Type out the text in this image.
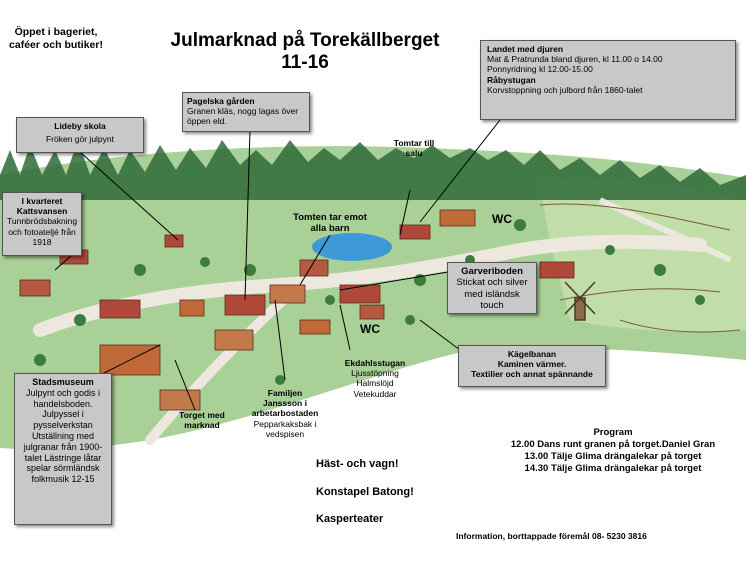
Öppet i bageriet, caféer och butiker!	Julmarknad på Torekällberget
11-16
Lideby skola
Fröken gör julpynt
Pagelska gården
Granen kläs, nogg lagas över öppen eld.
I kvarteret Kattsvansen
Tunnbrödsbakning och fotoateljé från 1918
Landet med djuren
Mat & Pratrunda bland djuren, kl 11.00 o 14.00
Ponnyridning kl 12.00-15.00
Råbystugan
Korvstoppning och julbord från 1860-talet
Garveriboden
Stickat och silver med isländsk touch
Kägelbanan
Kaminen värmer.
Textilier och annat spännande
Stadsmuseum
Julpynt och godis i handelsboden. Julpyssel i pysselverkstan Utställning med julgranar från 1900-talet Lästringe låtar spelar sörmländsk folkmusik 12-15
Tomtar till salu
Tomten tar emot alla barn
WC
WC
Ekdahlsstugan
Ljusstöpning Halmslöjd Vetekuddar
Familjen Janssson i arbetarbostaden
Pepparkaksbak i vedspisen
Torget med marknad
Program
12.00 Dans runt granen på torget.Daniel Gran
13.00 Tälje Glima drängalekar på torget
14.30 Tälje Glima drängalekar på torget
Häst- och vagn!
Konstapel Batong!
Kasperteater
Information, borttappade föremål 08- 5230 3816
